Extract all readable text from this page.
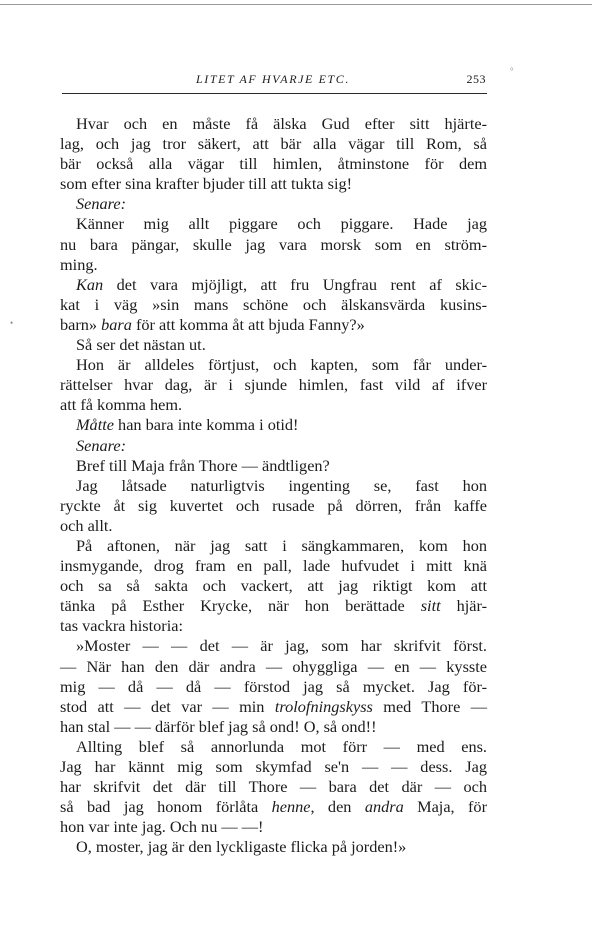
LITET AF HVARJE ETC.	253
•
°
Hvar och en måste få älska Gud efter sitt hjärte-
lag, och jag tror säkert, att bär alla vägar till Rom, så
bär också alla vägar till himlen, åtminstone för dem
som efter sina krafter bjuder till att tukta sig!
Senare:
Känner mig allt piggare och piggare. Hade jag
nu bara pängar, skulle jag vara morsk som en ström-
ming.
Kan det vara mjöjligt, att fru Ungfrau rent af skic-
kat i väg »sin mans schöne och älskansvärda kusins-
barn» bara för att komma åt att bjuda Fanny?»
Så ser det nästan ut.
Hon är alldeles förtjust, och kapten, som får under-
rättelser hvar dag, är i sjunde himlen, fast vild af ifver
att få komma hem.
Måtte han bara inte komma i otid!
Senare:
Bref till Maja från Thore — ändtligen?
Jag låtsade naturligtvis ingenting se, fast hon
ryckte åt sig kuvertet och rusade på dörren, från kaffe
och allt.
På aftonen, när jag satt i sängkammaren, kom hon
insmygande, drog fram en pall, lade hufvudet i mitt knä
och sa så sakta och vackert, att jag riktigt kom att
tänka på Esther Krycke, när hon berättade sitt hjär-
tas vackra historia:
»Moster — — det — är jag, som har skrifvit först.
— När han den där andra — ohyggliga — en — kysste
mig — då — då — förstod jag så mycket. Jag för-
stod att — det var — min trolofningskyss med Thore —
han stal — — därför blef jag så ond! O, så ond!!
Allting blef så annorlunda mot förr — med ens.
Jag har kännt mig som skymfad se'n — — dess. Jag
har skrifvit det där till Thore — bara det där — och
så bad jag honom förlåta henne, den andra Maja, för
hon var inte jag. Och nu — —!
O, moster, jag är den lyckligaste flicka på jorden!»
